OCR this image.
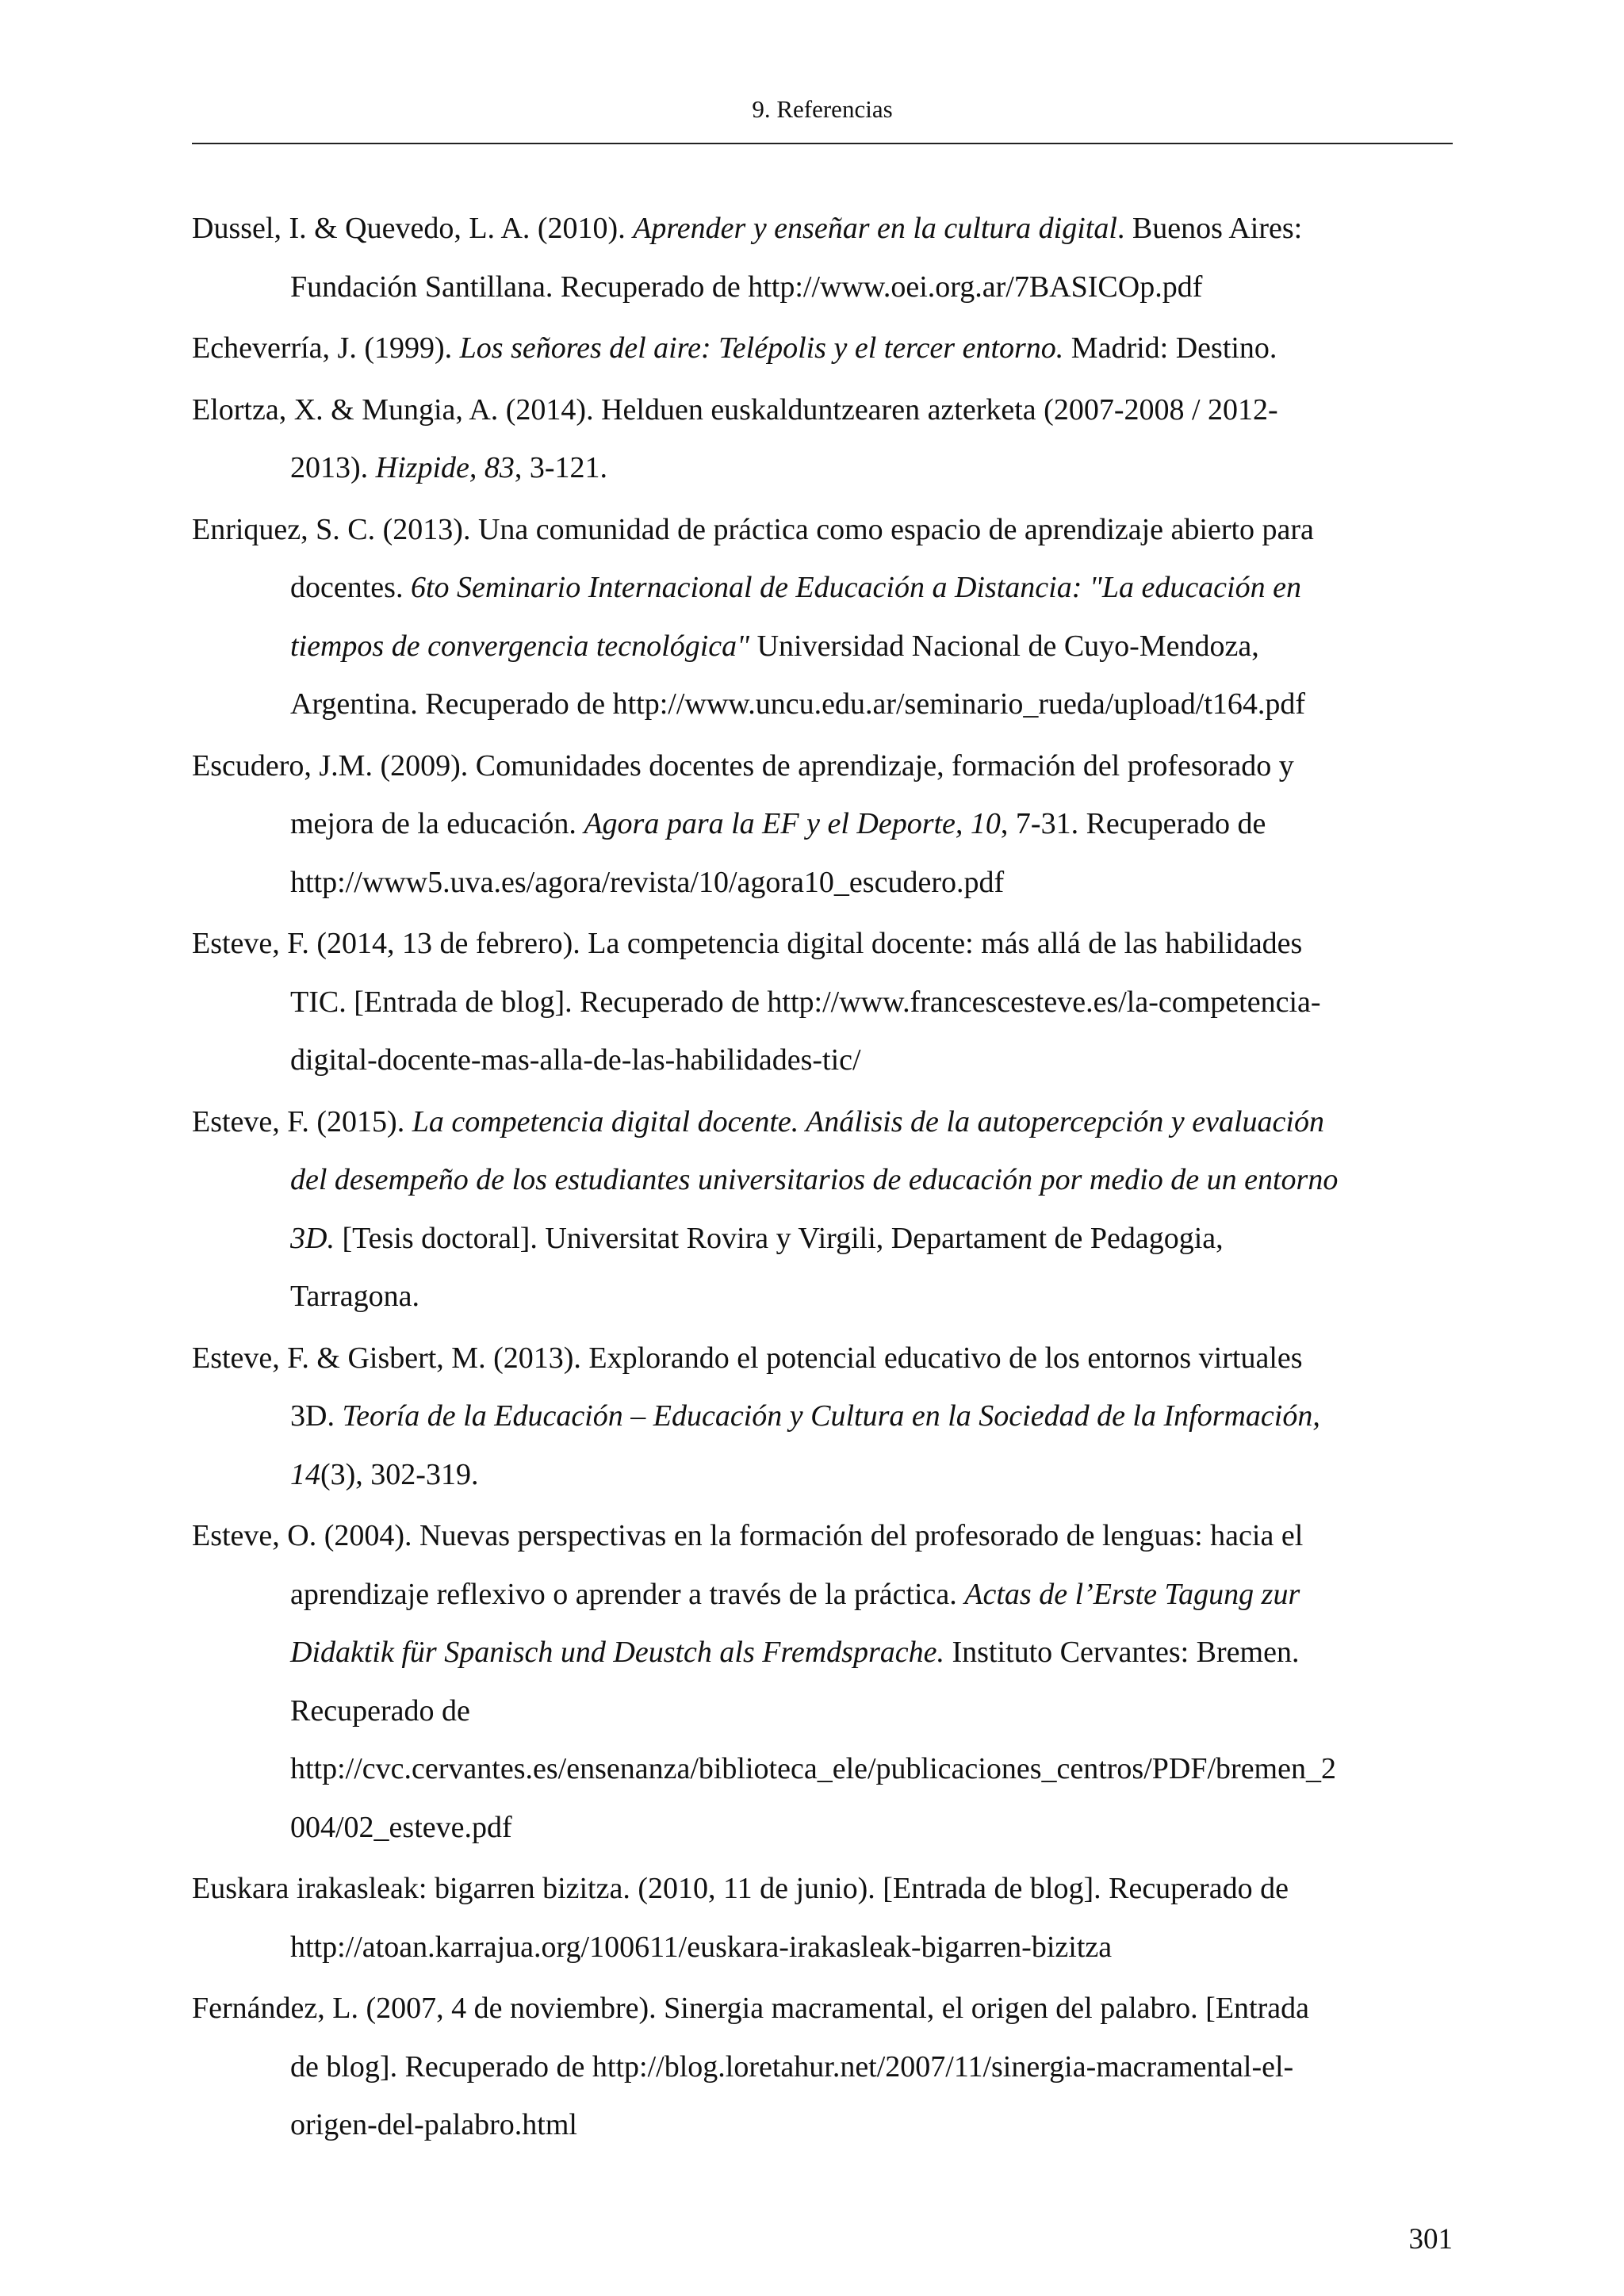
9. Referencias

Dussel, I. & Quevedo, L. A. (2010). Aprender y enseñar en la cultura digital. Buenos Aires:
Fundación Santillana. Recuperado de http://www.oei.org.ar/7BASICOp.pdf

Echeverría, J. (1999). Los señores del aire: Telépolis y el tercer entorno. Madrid: Destino.

Elortza, X. & Mungia, A. (2014). Helduen euskalduntzearen azterketa (2007-2008 / 2012-
2013). Hizpide, 83, 3-121.

Enriquez, S. C. (2013). Una comunidad de práctica como espacio de aprendizaje abierto para
docentes. 6to Seminario Internacional de Educación a Distancia: "La educación en
tiempos de convergencia tecnológica" Universidad Nacional de Cuyo-Mendoza,
Argentina. Recuperado de http://www.uncu.edu.ar/seminario_rueda/upload/t164.pdf

Escudero, J.M. (2009). Comunidades docentes de aprendizaje, formación del profesorado y
mejora de la educación. Agora para la EF y el Deporte, 10, 7-31. Recuperado de
http://www5.uva.es/agora/revista/10/agora10_escudero.pdf

Esteve, F. (2014, 13 de febrero). La competencia digital docente: más allá de las habilidades
TIC. [Entrada de blog]. Recuperado de http://www.francescesteve.es/la-competencia-
digital-docente-mas-alla-de-las-habilidades-tic/

Esteve, F. (2015). La competencia digital docente. Análisis de la autopercepción y evaluación
del desempeño de los estudiantes universitarios de educación por medio de un entorno
3D. [Tesis doctoral]. Universitat Rovira y Virgili, Departament de Pedagogia,
Tarragona.

Esteve, F. & Gisbert, M. (2013). Explorando el potencial educativo de los entornos virtuales
3D. Teoría de la Educación – Educación y Cultura en la Sociedad de la Información,
14(3), 302-319.

Esteve, O. (2004). Nuevas perspectivas en la formación del profesorado de lenguas: hacia el
aprendizaje reflexivo o aprender a través de la práctica. Actas de l’Erste Tagung zur
Didaktik für Spanisch und Deustch als Fremdsprache. Instituto Cervantes: Bremen.
Recuperado de
http://cvc.cervantes.es/ensenanza/biblioteca_ele/publicaciones_centros/PDF/bremen_2
004/02_esteve.pdf

Euskara irakasleak: bigarren bizitza. (2010, 11 de junio). [Entrada de blog]. Recuperado de
http://atoan.karrajua.org/100611/euskara-irakasleak-bigarren-bizitza

Fernández, L. (2007, 4 de noviembre). Sinergia macramental, el origen del palabro. [Entrada
de blog]. Recuperado de http://blog.loretahur.net/2007/11/sinergia-macramental-el-
origen-del-palabro.html

301
